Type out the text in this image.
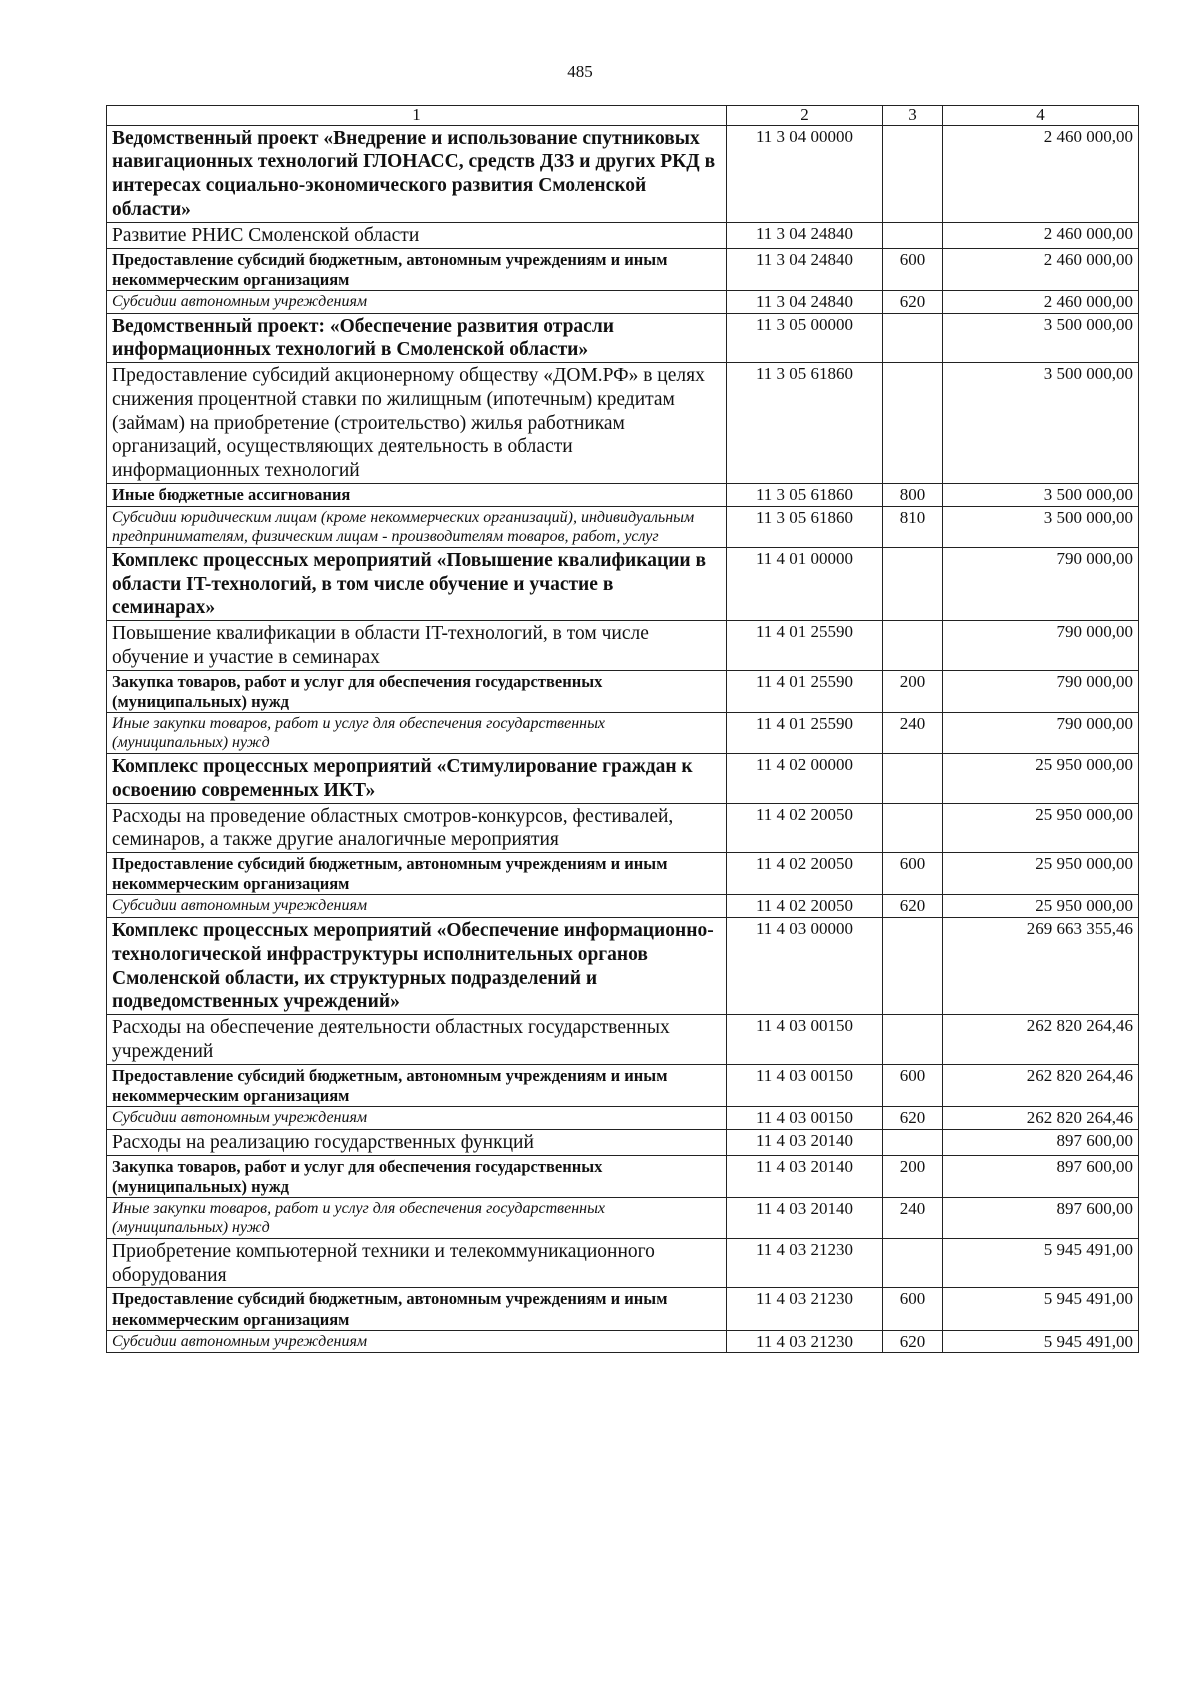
485
1	2	3	4
Ведомственный проект «Внедрение и использование спутниковых навигационных технологий ГЛОНАСС, средств ДЗЗ и других РКД в интересах социально-экономического развития Смоленской области»	11 3 04 00000		2 460 000,00
Развитие РНИС Смоленской области	11 3 04 24840		2 460 000,00
Предоставление субсидий бюджетным, автономным учреждениям и иным некоммерческим организациям	11 3 04 24840	600	2 460 000,00
Субсидии автономным учреждениям	11 3 04 24840	620	2 460 000,00
Ведомственный проект: «Обеспечение развития отрасли информационных технологий в Смоленской области»	11 3 05 00000		3 500 000,00
Предоставление субсидий акционерному обществу «ДОМ.РФ» в целях снижения процентной ставки по жилищным (ипотечным) кредитам (займам) на приобретение (строительство) жилья работникам организаций, осуществляющих деятельность в области информационных технологий	11 3 05 61860		3 500 000,00
Иные бюджетные ассигнования	11 3 05 61860	800	3 500 000,00
Субсидии юридическим лицам (кроме некоммерческих организаций), индивидуальным предпринимателям, физическим лицам - производителям товаров, работ, услуг	11 3 05 61860	810	3 500 000,00
Комплекс процессных мероприятий «Повышение квалификации в области IT-технологий, в том числе обучение и участие в семинарах»	11 4 01 00000		790 000,00
Повышение квалификации в области IT-технологий, в том числе обучение и участие в семинарах	11 4 01 25590		790 000,00
Закупка товаров, работ и услуг для обеспечения государственных (муниципальных) нужд	11 4 01 25590	200	790 000,00
Иные закупки товаров, работ и услуг для обеспечения государственных (муниципальных) нужд	11 4 01 25590	240	790 000,00
Комплекс процессных мероприятий «Стимулирование граждан к освоению современных ИКТ»	11 4 02 00000		25 950 000,00
Расходы на проведение областных смотров-конкурсов, фестивалей, семинаров, а также другие аналогичные мероприятия	11 4 02 20050		25 950 000,00
Предоставление субсидий бюджетным, автономным учреждениям и иным некоммерческим организациям	11 4 02 20050	600	25 950 000,00
Субсидии автономным учреждениям	11 4 02 20050	620	25 950 000,00
Комплекс процессных мероприятий «Обеспечение информационно-технологической инфраструктуры исполнительных органов Смоленской области, их структурных подразделений и подведомственных учреждений»	11 4 03 00000		269 663 355,46
Расходы на обеспечение деятельности областных государственных учреждений	11 4 03 00150		262 820 264,46
Предоставление субсидий бюджетным, автономным учреждениям и иным некоммерческим организациям	11 4 03 00150	600	262 820 264,46
Субсидии автономным учреждениям	11 4 03 00150	620	262 820 264,46
Расходы на реализацию государственных функций	11 4 03 20140		897 600,00
Закупка товаров, работ и услуг для обеспечения государственных (муниципальных) нужд	11 4 03 20140	200	897 600,00
Иные закупки товаров, работ и услуг для обеспечения государственных (муниципальных) нужд	11 4 03 20140	240	897 600,00
Приобретение компьютерной техники и телекоммуникационного оборудования	11 4 03 21230		5 945 491,00
Предоставление субсидий бюджетным, автономным учреждениям и иным некоммерческим организациям	11 4 03 21230	600	5 945 491,00
Субсидии автономным учреждениям	11 4 03 21230	620	5 945 491,00
